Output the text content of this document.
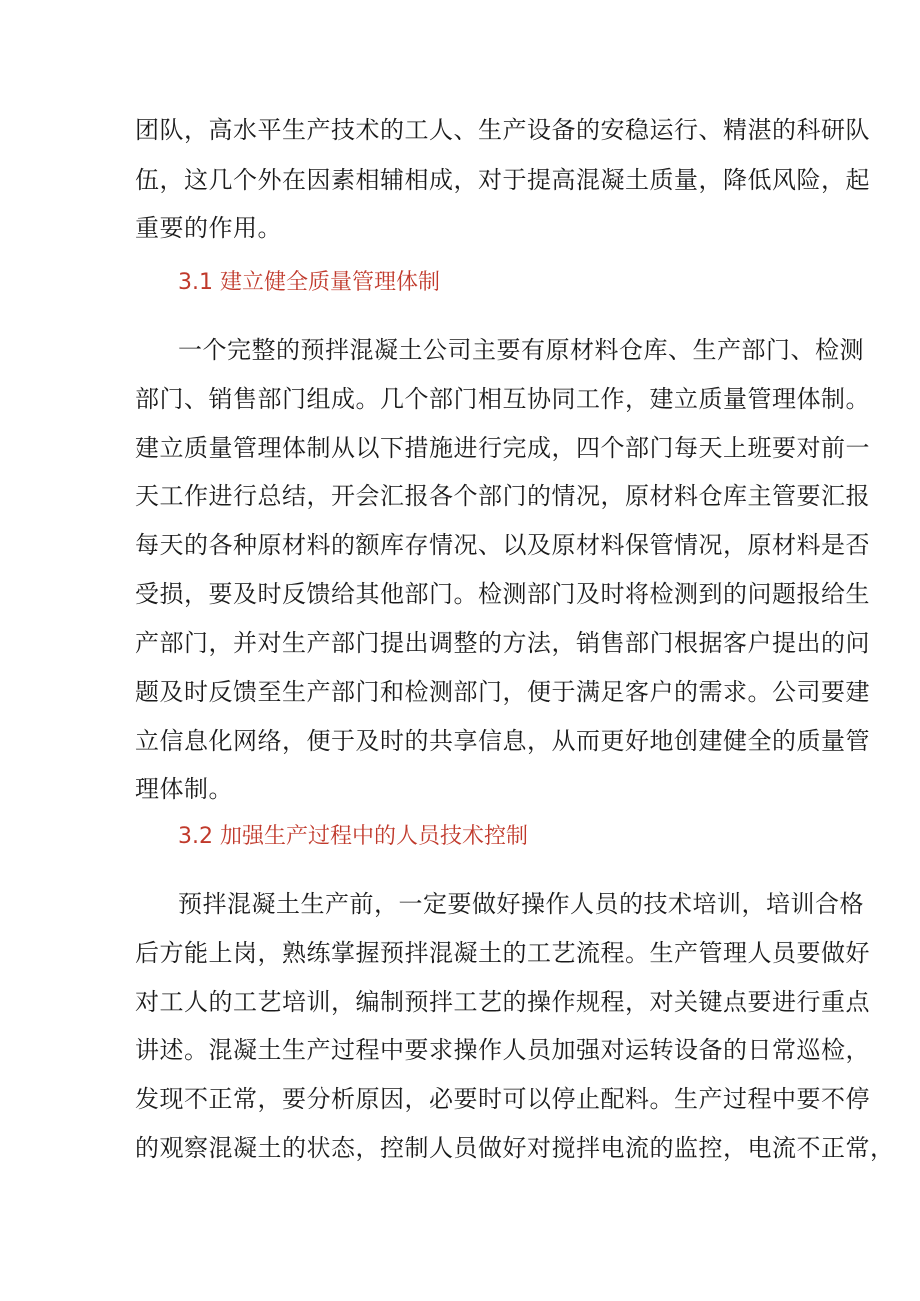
团队，高水平生产技术的工人、生产设备的安稳运行、精湛的科研队
伍，这几个外在因素相辅相成，对于提高混凝土质量，降低风险，起
重要的作用。
3.1 建立健全质量管理体制
一个完整的预拌混凝土公司主要有原材料仓库、生产部门、检测
部门、销售部门组成。几个部门相互协同工作，建立质量管理体制。
建立质量管理体制从以下措施进行完成，四个部门每天上班要对前一
天工作进行总结，开会汇报各个部门的情况，原材料仓库主管要汇报
每天的各种原材料的额库存情况、以及原材料保管情况，原材料是否
受损，要及时反馈给其他部门。检测部门及时将检测到的问题报给生
产部门，并对生产部门提出调整的方法，销售部门根据客户提出的问
题及时反馈至生产部门和检测部门，便于满足客户的需求。公司要建
立信息化网络，便于及时的共享信息，从而更好地创建健全的质量管
理体制。
3.2 加强生产过程中的人员技术控制
预拌混凝土生产前，一定要做好操作人员的技术培训，培训合格
后方能上岗，熟练掌握预拌混凝土的工艺流程。生产管理人员要做好
对工人的工艺培训，编制预拌工艺的操作规程，对关键点要进行重点
讲述。混凝土生产过程中要求操作人员加强对运转设备的日常巡检，
发现不正常，要分析原因，必要时可以停止配料。生产过程中要不停
的观察混凝土的状态，控制人员做好对搅拌电流的监控，电流不正常，
